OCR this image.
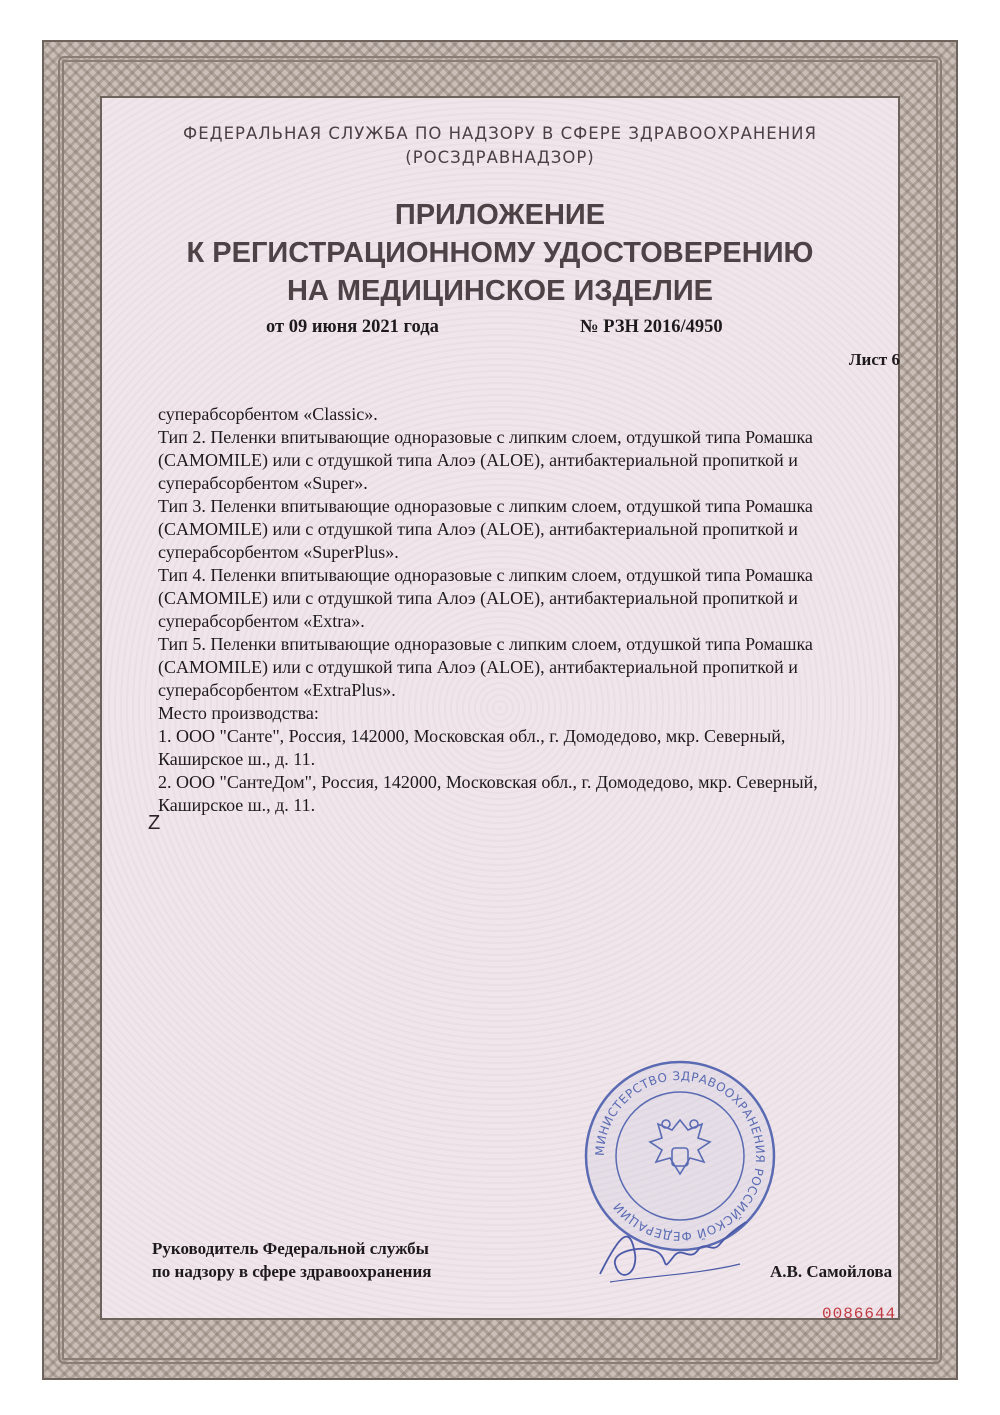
ФЕДЕРАЛЬНАЯ СЛУЖБА ПО НАДЗОРУ В СФЕРЕ ЗДРАВООХРАНЕНИЯ
(РОСЗДРАВНАДЗОР)
ПРИЛОЖЕНИЕ
К РЕГИСТРАЦИОННОМУ УДОСТОВЕРЕНИЮ
НА МЕДИЦИНСКОЕ ИЗДЕЛИЕ
от 09 июня 2021 года	№ РЗН 2016/4950
Лист 6

суперабсорбентом «Classic».

Тип 2. Пеленки впитывающие одноразовые с липким слоем, отдушкой типа Ромашка

(CAMOMILE) или с отдушкой типа Алоэ (ALOE), антибактериальной пропиткой и

суперабсорбентом «Super».

Тип 3. Пеленки впитывающие одноразовые с липким слоем, отдушкой типа Ромашка

(CAMOMILE) или с отдушкой типа Алоэ (ALOE), антибактериальной пропиткой и

суперабсорбентом «SuperPlus».

Тип 4. Пеленки впитывающие одноразовые с липким слоем, отдушкой типа Ромашка

(CAMOMILE) или с отдушкой типа Алоэ (ALOE), антибактериальной пропиткой и

суперабсорбентом «Extra».

Тип 5. Пеленки впитывающие одноразовые с липким слоем, отдушкой типа Ромашка

(CAMOMILE) или с отдушкой типа Алоэ (ALOE), антибактериальной пропиткой и

суперабсорбентом «ExtraPlus».

Место производства:

1. ООО "Санте", Россия, 142000, Московская обл., г. Домодедово, мкр. Северный,

Каширское ш., д. 11.

2. ООО "СантеДом", Россия, 142000, Московская обл., г. Домодедово, мкр. Северный,

Каширское ш., д. 11.

Z
МИНИСТЕРСТВО ЗДРАВООХРАНЕНИЯ РОССИЙСКОЙ ФЕДЕРАЦИИ
Руководитель Федеральной службы
по надзору в сфере здравоохранения	А.В. Самойлова
0086644
